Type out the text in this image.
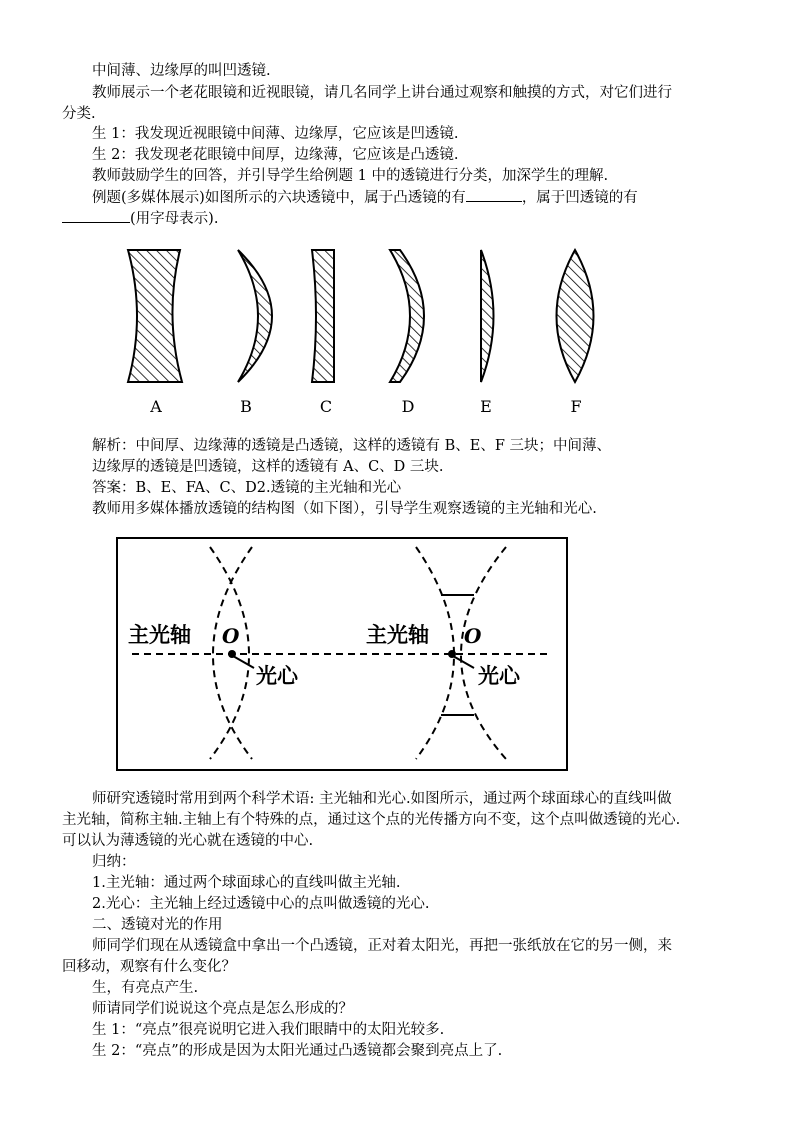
中间薄、边缘厚的叫凹透镜.
教师展示一个老花眼镜和近视眼镜，请几名同学上讲台通过观察和触摸的方式，对它们进行
分类.
生 1：我发现近视眼镜中间薄、边缘厚，它应该是凹透镜.
生 2：我发现老花眼镜中间厚，边缘薄，它应该是凸透镜.
教师鼓励学生的回答，并引导学生给例题 1 中的透镜进行分类，加深学生的理解.
例题(多媒体展示)如图所示的六块透镜中，属于凸透镜的有	，属于凹透镜的有
(用字母表示).
A	B	C	D	E	F
解析：中间厚、边缘薄的透镜是凸透镜，这样的透镜有 B、E、F 三块；中间薄、
边缘厚的透镜是凹透镜，这样的透镜有 A、C、D 三块.
答案：B、E、FA、C、D2.透镜的主光轴和光心
教师用多媒体播放透镜的结构图（如下图），引导学生观察透镜的主光轴和光心.
主光轴	主光轴
光心	光心
O	O
师研究透镜时常用到两个科学术语: 主光轴和光心.如图所示，通过两个球面球心的直线叫做
主光轴，简称主轴.主轴上有个特殊的点，通过这个点的光传播方向不变，这个点叫做透镜的光心.
可以认为薄透镜的光心就在透镜的中心.
归纳：
1.主光轴：通过两个球面球心的直线叫做主光轴.
2.光心：主光轴上经过透镜中心的点叫做透镜的光心.
二、透镜对光的作用
师同学们现在从透镜盒中拿出一个凸透镜，正对着太阳光，再把一张纸放在它的另一侧，来
回移动，观察有什么变化？
生，有亮点产生.
师请同学们说说这个亮点是怎么形成的？
生 1：“亮点”很亮说明它进入我们眼睛中的太阳光较多.
生 2：“亮点”的形成是因为太阳光通过凸透镜都会聚到亮点上了.
